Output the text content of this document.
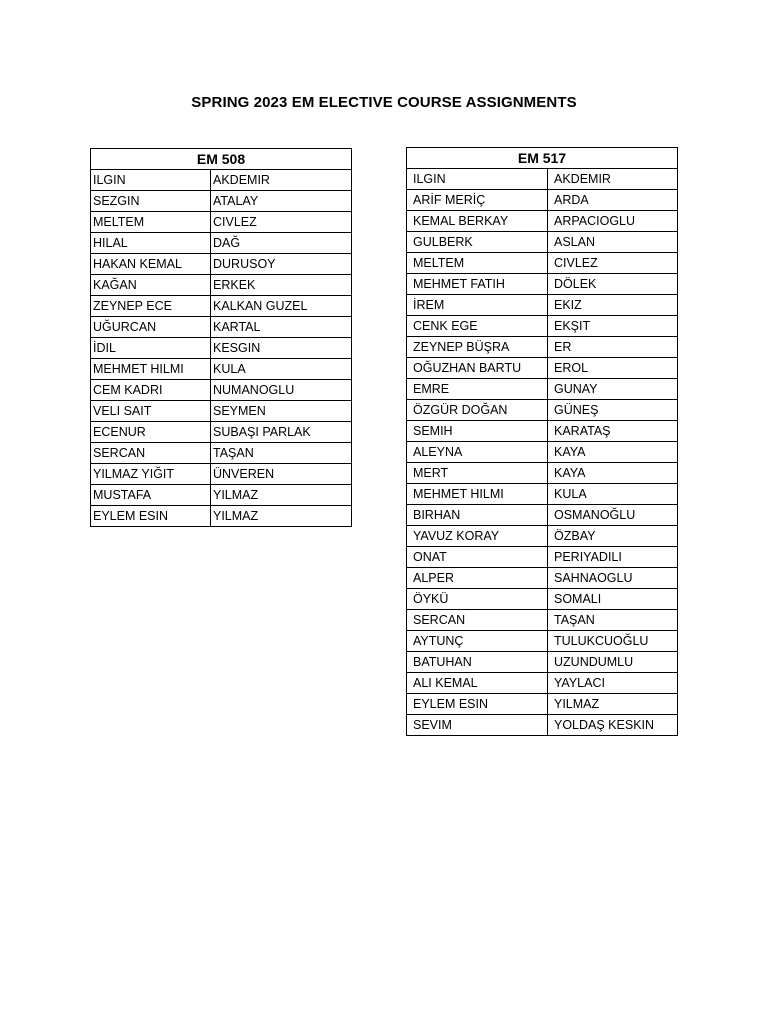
SPRING 2023 EM ELECTIVE COURSE ASSIGNMENTS
EM 508	
ILGIN	AKDEMIR
SEZGIN	ATALAY
MELTEM	CIVLEZ
HILAL	DAĞ
HAKAN KEMAL	DURUSOY
KAĞAN	ERKEK
ZEYNEP ECE	KALKAN GUZEL
UĞURCAN	KARTAL
İDIL	KESGIN
MEHMET HILMI	KULA
CEM KADRI	NUMANOGLU
VELI SAIT	SEYMEN
ECENUR	SUBAŞI PARLAK
SERCAN	TAŞAN
YILMAZ YIĞIT	ÜNVEREN
MUSTAFA	YILMAZ
EYLEM ESIN	YILMAZ
EM 517	
ILGIN	AKDEMIR
ARİF MERİÇ	ARDA
KEMAL BERKAY	ARPACIOGLU
GULBERK	ASLAN
MELTEM	CIVLEZ
MEHMET FATIH	DÖLEK
İREM	EKIZ
CENK EGE	EKŞIT
ZEYNEP BÜŞRA	ER
OĞUZHAN BARTU	EROL
EMRE	GUNAY
ÖZGÜR DOĞAN	GÜNEŞ
SEMIH	KARATAŞ
ALEYNA	KAYA
MERT	KAYA
MEHMET HILMI	KULA
BIRHAN	OSMANOĞLU
YAVUZ KORAY	ÖZBAY
ONAT	PERIYADILI
ALPER	SAHNAOGLU
ÖYKÜ	SOMALI
SERCAN	TAŞAN
AYTUNÇ	TULUKCUOĞLU
BATUHAN	UZUNDUMLU
ALI KEMAL	YAYLACI
EYLEM ESIN	YILMAZ
SEVIM	YOLDAŞ KESKIN
